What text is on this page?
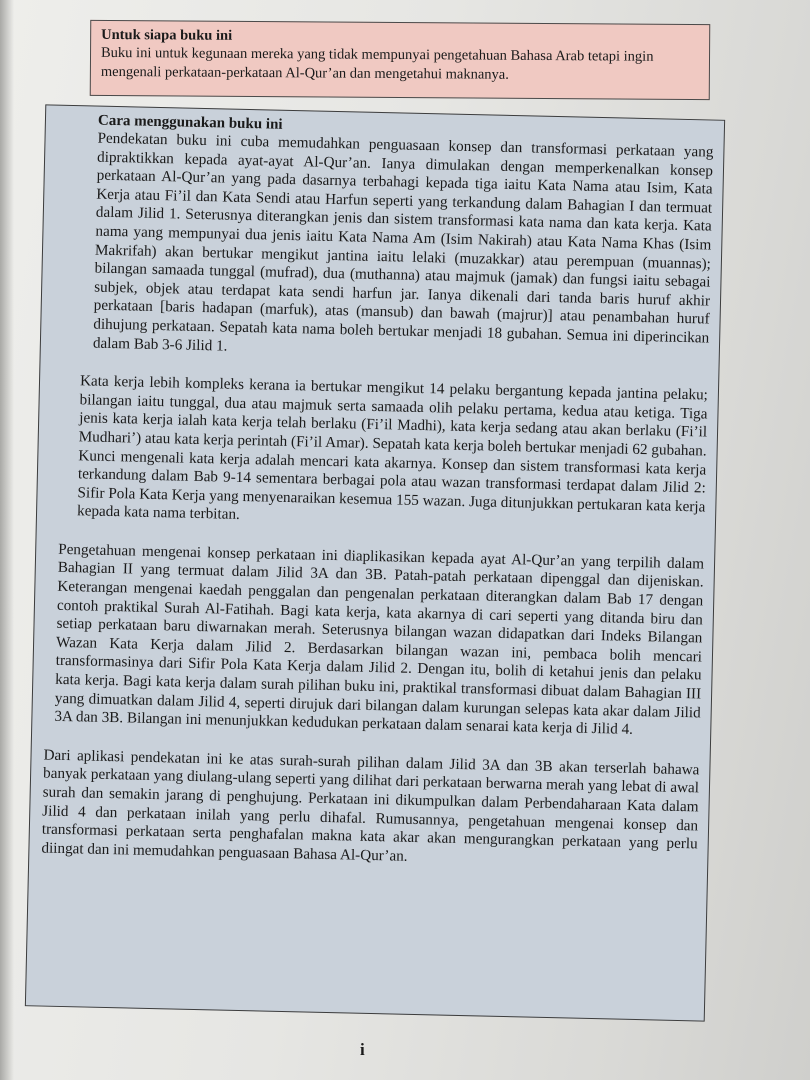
Untuk siapa buku ini

Buku ini untuk kegunaan mereka yang tidak mempunyai pengetahuan Bahasa Arab tetapi ingin mengenali perkataan-perkataan Al-Qur’an dan mengetahui maknanya.

Cara menggunakan buku ini

Pendekatan buku ini cuba memudahkan penguasaan konsep dan transformasi perkataan yang dipraktikkan kepada ayat-ayat Al-Qur’an. Ianya dimulakan dengan memperkenalkan konsep perkataan Al-Qur’an yang pada dasarnya terbahagi kepada tiga iaitu Kata Nama atau Isim, Kata Kerja atau Fi’il dan Kata Sendi atau Harfun seperti yang terkandung dalam Bahagian I dan termuat dalam Jilid 1. Seterusnya diterangkan jenis dan sistem transformasi kata nama dan kata kerja. Kata nama yang mempunyai dua jenis iaitu Kata Nama Am (Isim Nakirah) atau Kata Nama Khas (Isim Makrifah) akan bertukar mengikut jantina iaitu lelaki (muzakkar) atau perempuan (muannas); bilangan samaada tunggal (mufrad), dua (muthanna) atau majmuk (jamak) dan fungsi iaitu sebagai subjek, objek atau terdapat kata sendi harfun jar. Ianya dikenali dari tanda baris huruf akhir perkataan [baris hadapan (marfuk), atas (mansub) dan bawah (majrur)] atau penambahan huruf dihujung perkataan. Sepatah kata nama boleh bertukar menjadi 18 gubahan. Semua ini diperincikan dalam Bab 3-6 Jilid 1.

Kata kerja lebih kompleks kerana ia bertukar mengikut 14 pelaku bergantung kepada jantina pelaku; bilangan iaitu tunggal, dua atau majmuk serta samaada olih pelaku pertama, kedua atau ketiga. Tiga jenis kata kerja ialah kata kerja telah berlaku (Fi’il Madhi), kata kerja sedang atau akan berlaku (Fi’il Mudhari’) atau kata kerja perintah (Fi’il Amar). Sepatah kata kerja boleh bertukar menjadi 62 gubahan. Kunci mengenali kata kerja adalah mencari kata akarnya. Konsep dan sistem transformasi kata kerja terkandung dalam Bab 9-14 sementara berbagai pola atau wazan transformasi terdapat dalam Jilid 2: Sifir Pola Kata Kerja yang menyenaraikan kesemua 155 wazan. Juga ditunjukkan pertukaran kata kerja kepada kata nama terbitan.

Pengetahuan mengenai konsep perkataan ini diaplikasikan kepada ayat Al-Qur’an yang terpilih dalam Bahagian II yang termuat dalam Jilid 3A dan 3B. Patah-patah perkataan dipenggal dan dijeniskan. Keterangan mengenai kaedah penggalan dan pengenalan perkataan diterangkan dalam Bab 17 dengan contoh praktikal Surah Al-Fatihah. Bagi kata kerja, kata akarnya di cari seperti yang ditanda biru dan setiap perkataan baru diwarnakan merah. Seterusnya bilangan wazan didapatkan dari Indeks Bilangan Wazan Kata Kerja dalam Jilid 2. Berdasarkan bilangan wazan ini, pembaca bolih mencari transformasinya dari Sifir Pola Kata Kerja dalam Jilid 2. Dengan itu, bolih di ketahui jenis dan pelaku kata kerja. Bagi kata kerja dalam surah pilihan buku ini, praktikal transformasi dibuat dalam Bahagian III yang dimuatkan dalam Jilid 4, seperti dirujuk dari bilangan dalam kurungan selepas kata akar dalam Jilid 3A dan 3B. Bilangan ini menunjukkan kedudukan perkataan dalam senarai kata kerja di Jilid 4.

Dari aplikasi pendekatan ini ke atas surah-surah pilihan dalam Jilid 3A dan 3B akan terserlah bahawa banyak perkataan yang diulang-ulang seperti yang dilihat dari perkataan berwarna merah yang lebat di awal surah dan semakin jarang di penghujung. Perkataan ini dikumpulkan dalam Perbendaharaan Kata dalam Jilid 4 dan perkataan inilah yang perlu dihafal. Rumusannya, pengetahuan mengenai konsep dan transformasi perkataan serta penghafalan makna kata akar akan mengurangkan perkataan yang perlu diingat dan ini memudahkan penguasaan Bahasa Al-Qur’an.

i
